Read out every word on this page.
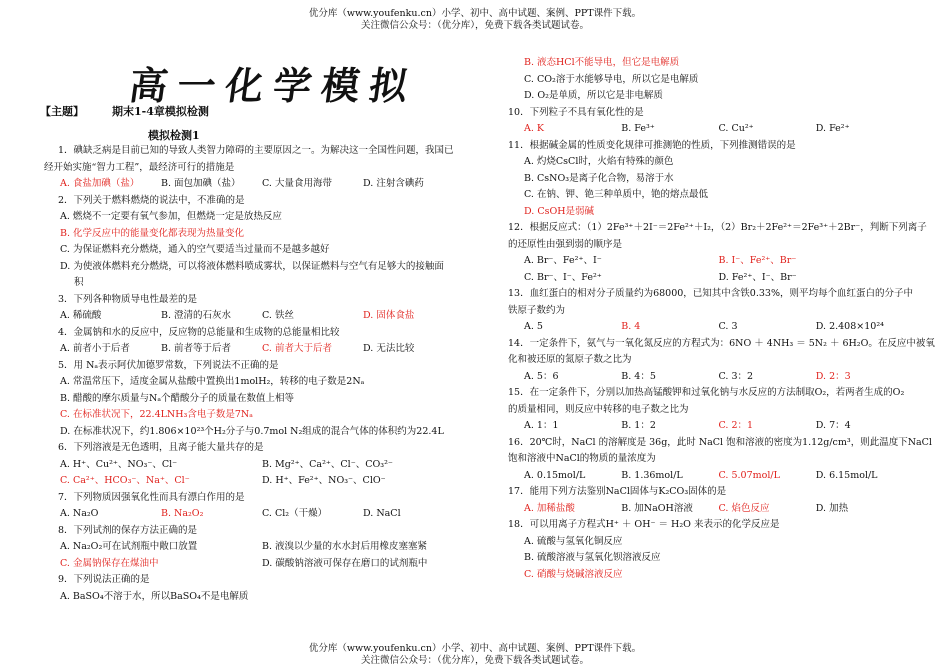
优分库（www.youfenku.cn）小学、初中、高中试题、案例、PPT课件下载。
关注微信公众号：（优分库），免费下载各类试题试卷。
高一化学模拟
【主题】	期末1-4章模拟检测
模拟检测1
1．碘缺乏病是目前已知的导致人类智力障碍的主要原因之一。为解决这一全国性问题，我国已
经开始实施“智力工程”，最经济可行的措施是
A. 食盐加碘（盐）	B. 面包加碘（盐）	C. 大量食用海带	D. 注射含碘药
2．下列关于燃料燃烧的说法中，不准确的是
A. 燃烧不一定要有氧气参加，但燃烧一定是放热反应
B. 化学反应中的能量变化都表现为热量变化
C. 为保证燃料充分燃烧，通入的空气要适当过量而不是越多越好
D. 为使液体燃料充分燃烧，可以将液体燃料喷成雾状，以保证燃料与空气有足够大的接触面
积
3．下列各种物质导电性最差的是
A. 稀硫酸	B. 澄清的石灰水	C. 铁丝	D. 固体食盐
4．金属钠和水的反应中，反应物的总能量和生成物的总能量相比较
A. 前者小于后者	B. 前者等于后者	C. 前者大于后者	D. 无法比较
5．用 Nₐ表示阿伏加德罗常数，下列说法不正确的是
A. 常温常压下，适度金属从盐酸中置换出1molH₂，转移的电子数是2Nₐ
B. 醋酸的摩尔质量与Nₐ个醋酸分子的质量在数值上相等
C. 在标准状况下，22.4LNH₃含电子数是7Nₐ
D. 在标准状况下，约1.806×10²³个H₂分子与0.7mol N₂组成的混合气体的体积约为22.4L
6．下列溶液是无色透明，且离子能大量共存的是
A. H⁺、Cu²⁺、NO₃⁻、Cl⁻	B. Mg²⁺、Ca²⁺、Cl⁻、CO₃²⁻
C. Ca²⁺、HCO₃⁻、Na⁺、Cl⁻	D. H⁺、Fe²⁺、NO₃⁻、ClO⁻
7．下列物质因强氧化性而具有漂白作用的是
A. Na₂O	B. Na₂O₂	C. Cl₂（干燥）	D. NaCl
8．下列试剂的保存方法正确的是
A. Na₂O₂可在试剂瓶中敞口放置	B. 液溴以少量的水水封后用橡皮塞塞紧
C. 金属钠保存在煤油中	D. 碳酸钠溶液可保存在磨口的试剂瓶中
9．下列说法正确的是
A. BaSO₄不溶于水，所以BaSO₄不是电解质
B. 液态HCl不能导电，但它是电解质
C. CO₂溶于水能够导电，所以它是电解质
D. O₂是单质，所以它是非电解质
10．下列粒子不具有氧化性的是
A. K	B. Fe³⁺	C. Cu²⁺	D. Fe²⁺
11．根据碱金属的性质变化规律可推测铯的性质，下列推测错误的是
A. 灼烧CsCl时，火焰有特殊的颜色
B. CsNO₃是离子化合物，易溶于水
C. 在钠、钾、铯三种单质中，铯的熔点最低
D. CsOH是弱碱
12．根据反应式：（1）2Fe³⁺＋2I⁻＝2Fe²⁺＋I₂，（2）Br₂＋2Fe²⁺＝2Fe³⁺＋2Br⁻，判断下列离子
的还原性由强到弱的顺序是
A. Br⁻、Fe²⁺、I⁻	B. I⁻、Fe²⁺、Br⁻
C. Br⁻、I⁻、Fe²⁺	D. Fe²⁺、I⁻、Br⁻
13．血红蛋白的相对分子质量约为68000，已知其中含铁0.33%，则平均每个血红蛋白的分子中
铁原子数约为
A. 5	B. 4	C. 3	D. 2.408×10²⁴
14．一定条件下，氨气与一氧化氮反应的方程式为：6NO ＋ 4NH₃ ＝ 5N₂ ＋ 6H₂O。在反应中被氧
化和被还原的氮原子数之比为
A. 5：6	B. 4：5	C. 3：2	D. 2：3
15．在一定条件下，分别以加热高锰酸钾和过氧化钠与水反应的方法制取O₂，若两者生成的O₂
的质量相同，则反应中转移的电子数之比为
A. 1：1	B. 1：2	C. 2：1	D. 7：4
16．20℃时，NaCl 的溶解度是 36g，此时 NaCl 饱和溶液的密度为1.12g/cm³，则此温度下NaCl
饱和溶液中NaCl的物质的量浓度为
A. 0.15mol/L	B. 1.36mol/L	C. 5.07mol/L	D. 6.15mol/L
17．能用下列方法鉴别NaCl固体与K₂CO₃固体的是
A. 加稀盐酸	B. 加NaOH溶液	C. 焰色反应	D. 加热
18．可以用离子方程式H⁺ ＋ OH⁻ ＝ H₂O 来表示的化学反应是
A. 硫酸与氢氧化铜反应
B. 硫酸溶液与氢氧化钡溶液反应
C. 硝酸与烧碱溶液反应
优分库（www.youfenku.cn）小学、初中、高中试题、案例、PPT课件下载。
关注微信公众号：（优分库），免费下载各类试题试卷。
